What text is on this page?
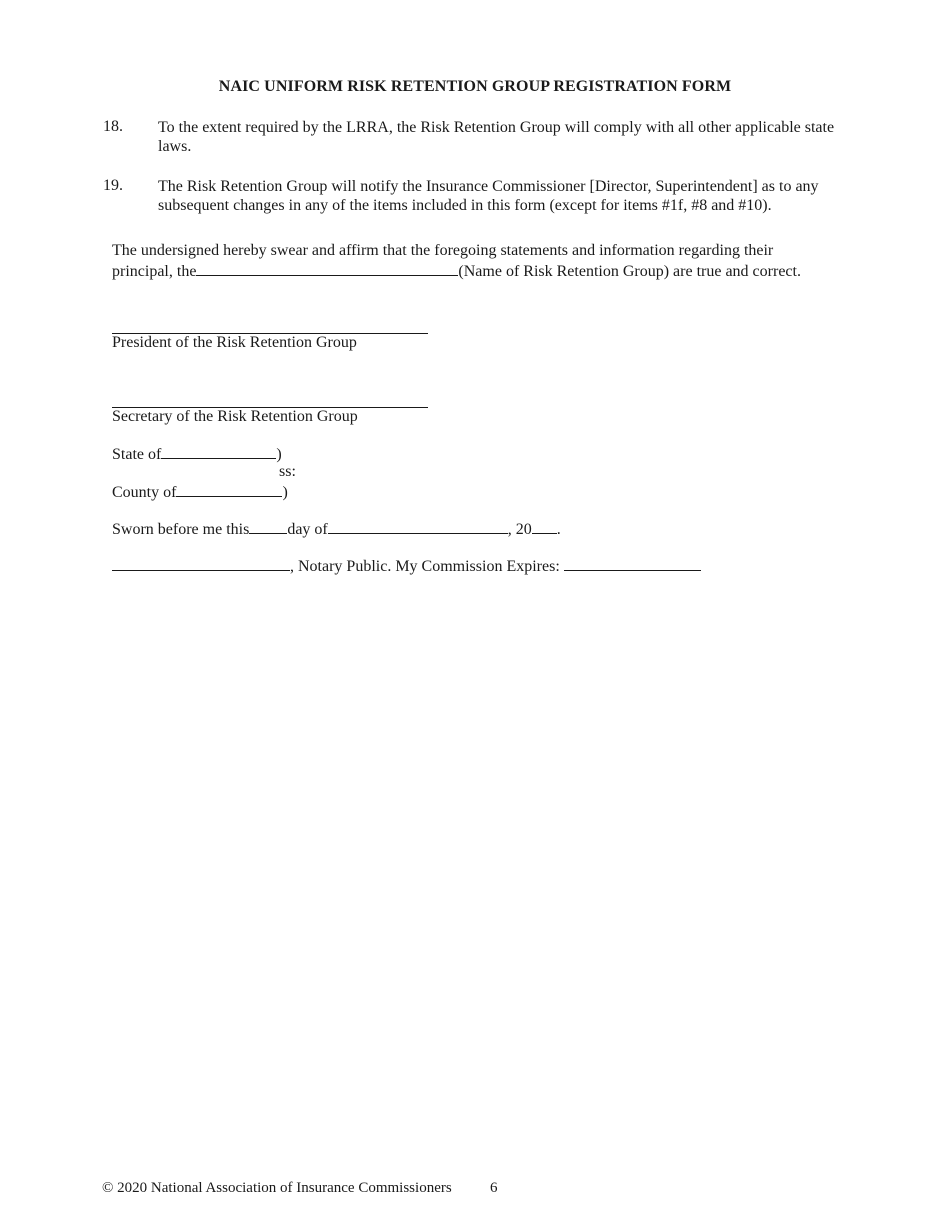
NAIC UNIFORM RISK RETENTION GROUP REGISTRATION FORM
18. To the extent required by the LRRA, the Risk Retention Group will comply with all other applicable state laws.
19. The Risk Retention Group will notify the Insurance Commissioner [Director, Superintendent] as to any subsequent changes in any of the items included in this form (except for items #1f, #8 and #10).
The undersigned hereby swear and affirm that the foregoing statements and information regarding their
principal, the	(Name of Risk Retention Group) are true and correct.
President of the Risk Retention Group
Secretary of the Risk Retention Group
State of	)
ss:
County of	)
Sworn before me this day of	, 20 .
, Notary Public. My Commission Expires:
© 2020 National Association of Insurance Commissioners	6
